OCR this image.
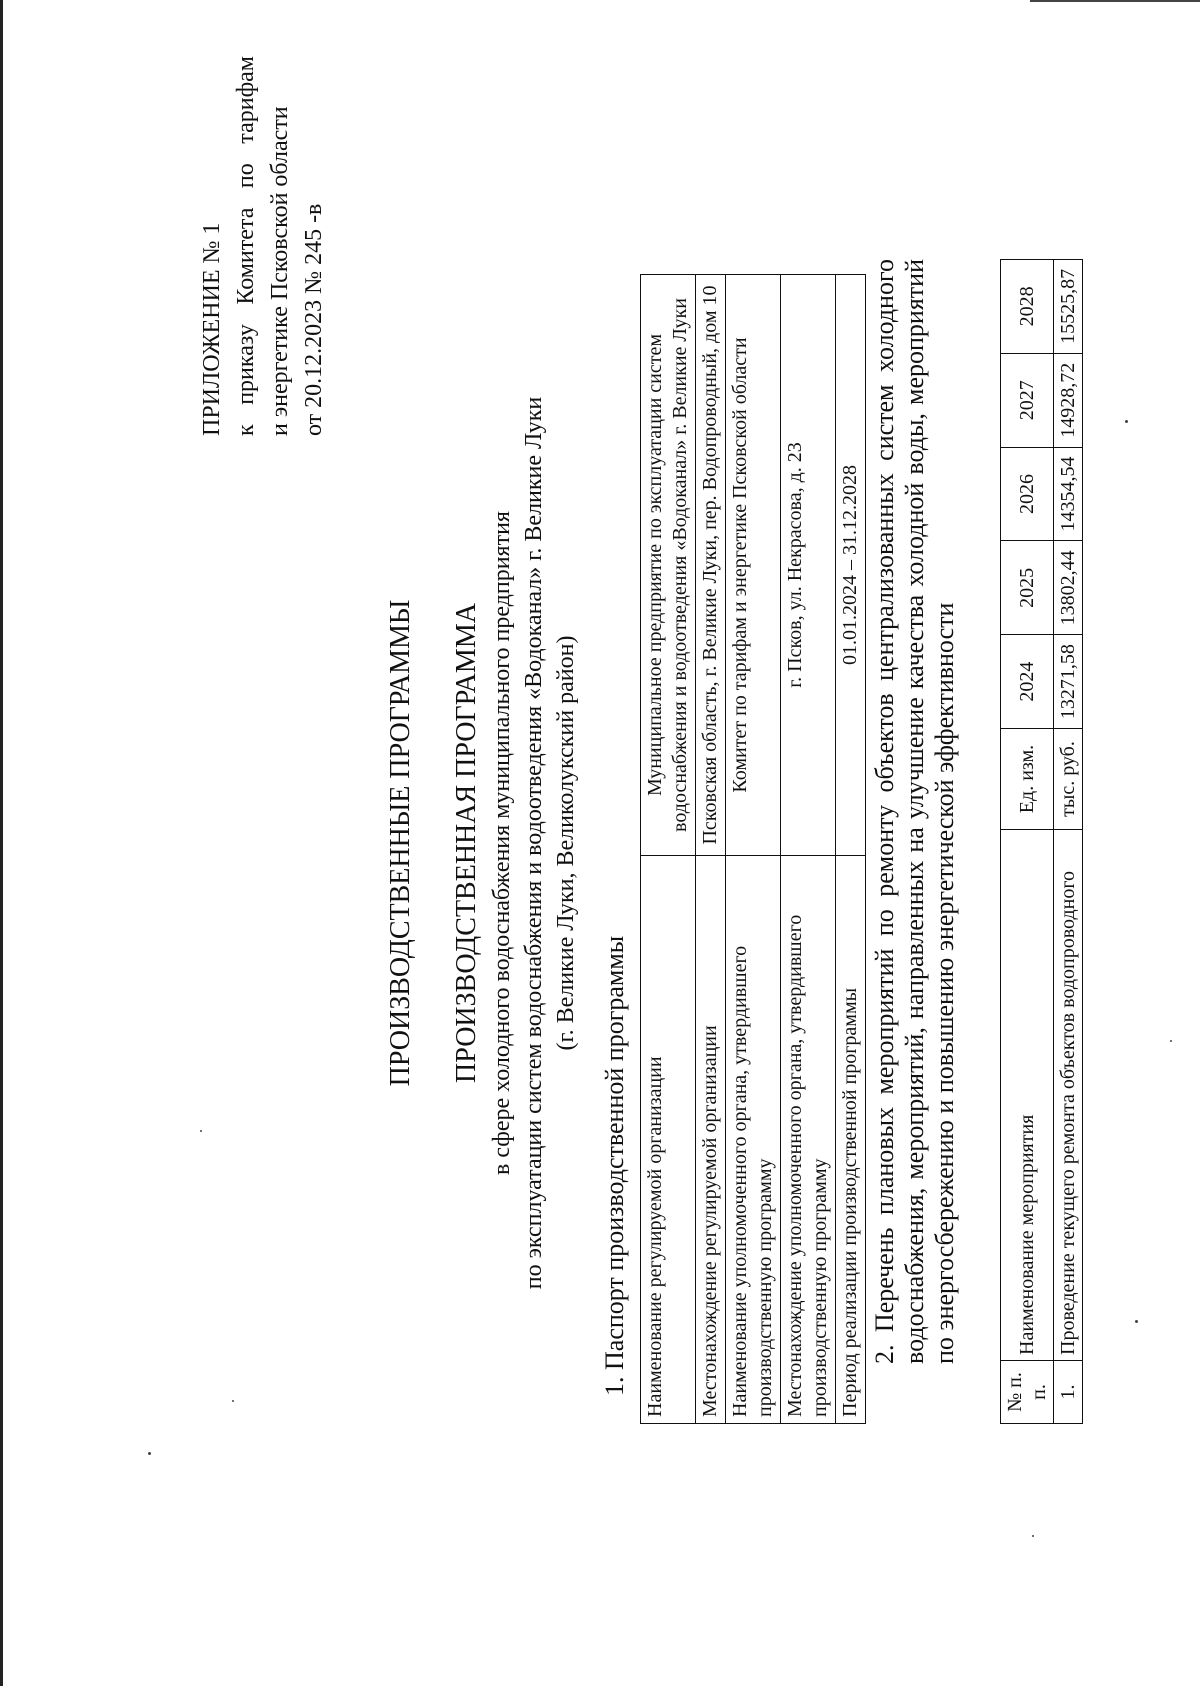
ПРИЛОЖЕНИЕ № 1 к
приказу
Комитета
по
тарифам
и энергетике Псковской области от 20.12.2023 № 245 -в
ПРОИЗВОДСТВЕННЫЕ ПРОГРАММЫ ПРОИЗВОДСТВЕННАЯ ПРОГРАММА в сфере холодного водоснабжения муниципального предприятия по эксплуатации систем водоснабжения и водоотведения «Водоканал» г. Великие Луки (г. Великие Луки, Великолукский район)
1. Паспорт производственной программы Наименование регулируемой организации	Муниципальное предприятие по эксплуатации систем водоснабжения и водоотведения «Водоканал» г. Великие Луки
Местонахождение регулируемой организации	Псковская область, г. Великие Луки, пер. Водопроводный, дом 10
Наименование уполномоченного органа, утвердившего производственную программу	Комитет по тарифам и энергетике Псковской области
Местонахождение уполномоченного органа, утвердившего производственную программу	г. Псков, ул. Некрасова, д. 23
Период реализации производственной программы	01.01.2024 – 31.12.2028 2. Перечень плановых мероприятий по ремонту объектов централизованных систем холодного водоснабжения, мероприятий, направленных на улучшение качества холодной воды, мероприятий по энергосбережению и повышению энергетической эффективности
№ п. п.	Наименование мероприятия	Ед. изм.	2024	2025	2026	2027	2028
1.	Проведение текущего ремонта объектов водопроводного	тыс. руб.	13271,58	13802,44	14354,54	14928,72	15525,87
